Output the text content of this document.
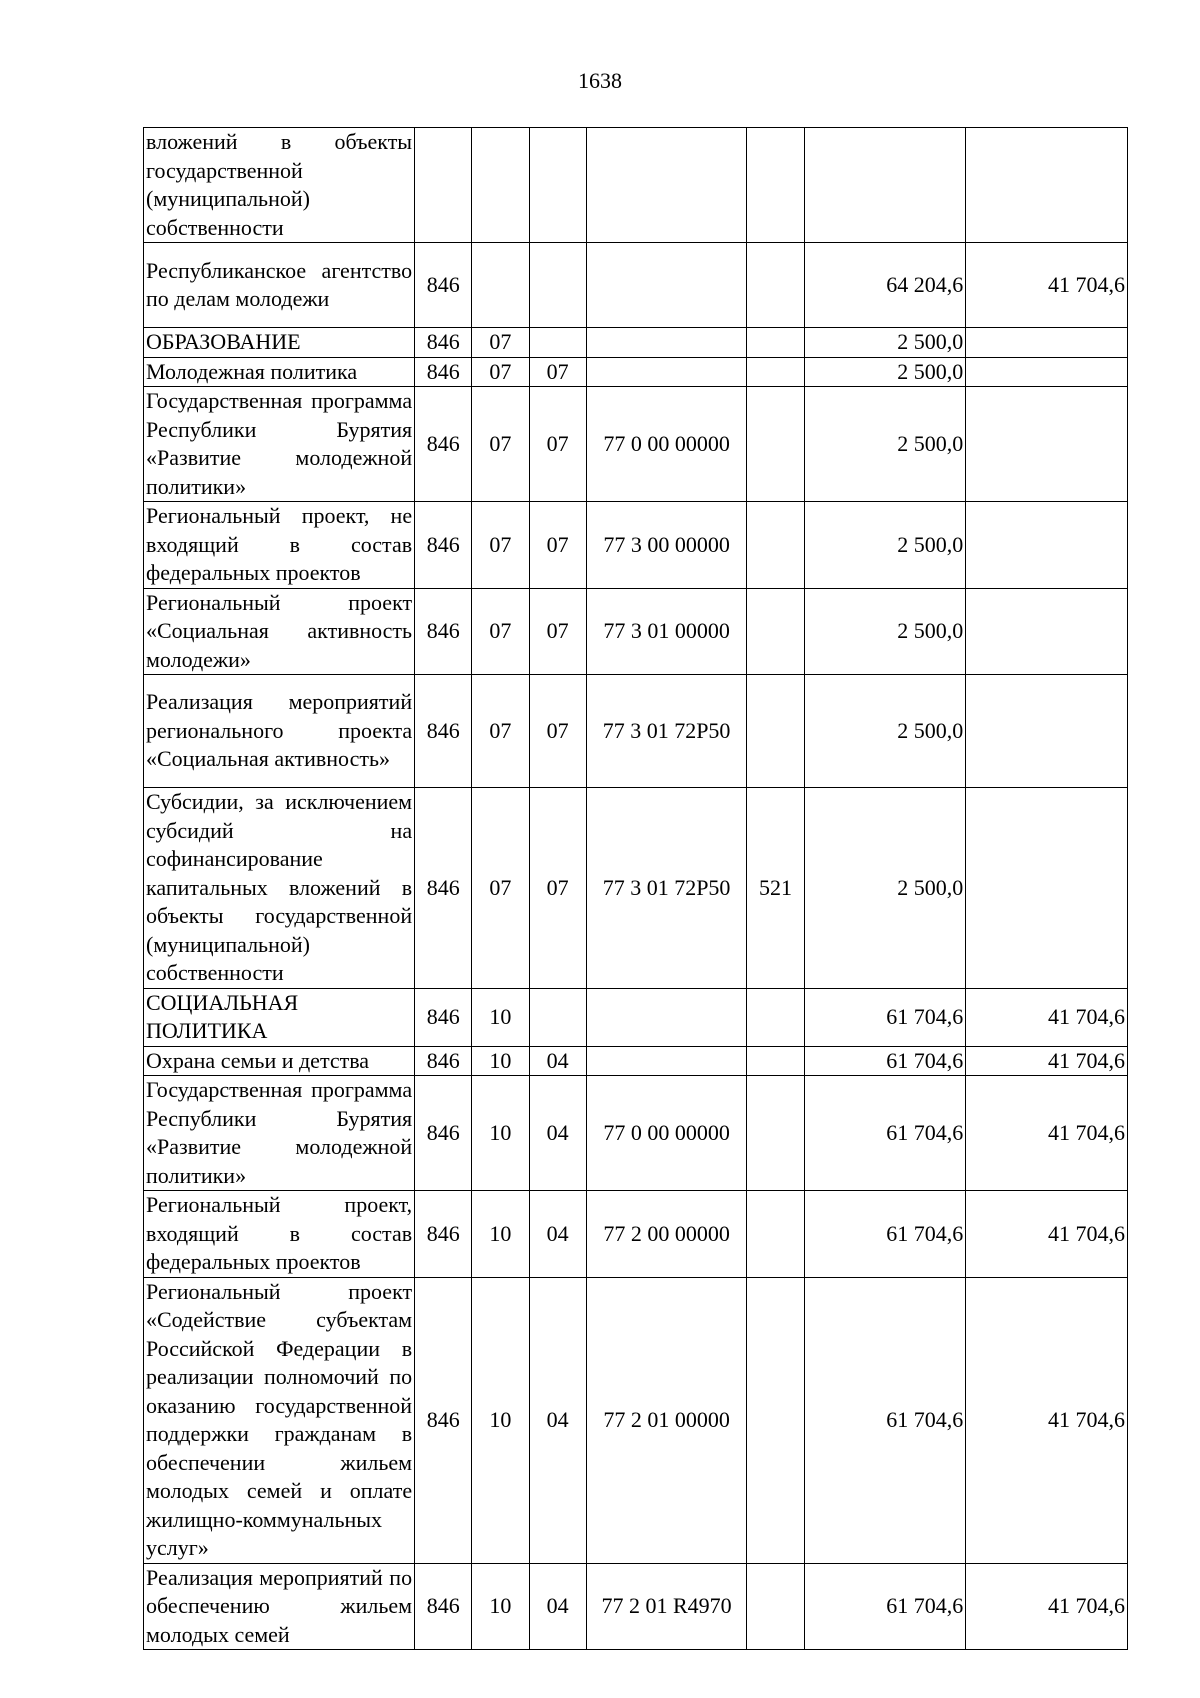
1638
вложений в объекты государственной (муниципальной) собственности							
Республиканское агентство по делам молодежи	846					64 204,6	41 704,6
ОБРАЗОВАНИЕ	846	07				2 500,0	
Молодежная политика	846	07	07			2 500,0	
Государственная программа Республики Бурятия «Развитие молодежной политики»	846	07	07	77 0 00 00000		2 500,0	
Региональный проект, не входящий в состав федеральных проектов	846	07	07	77 3 00 00000		2 500,0	
Региональный проект «Социальная активность молодежи»	846	07	07	77 3 01 00000		2 500,0	
Реализация мероприятий регионального проекта «Социальная активность»	846	07	07	77 3 01 72Р50		2 500,0	
Субсидии, за исключением субсидий на софинансирование капитальных вложений в объекты государственной (муниципальной) собственности	846	07	07	77 3 01 72Р50	521	2 500,0	
СОЦИАЛЬНАЯ ПОЛИТИКА	846	10				61 704,6	41 704,6
Охрана семьи и детства	846	10	04			61 704,6	41 704,6
Государственная программа Республики Бурятия «Развитие молодежной политики»	846	10	04	77 0 00 00000		61 704,6	41 704,6
Региональный проект, входящий в состав федеральных проектов	846	10	04	77 2 00 00000		61 704,6	41 704,6
Региональный проект «Содействие субъектам Российской Федерации в реализации полномочий по оказанию государственной поддержки гражданам в обеспечении жильем молодых семей и оплате жилищно-коммунальных услуг»	846	10	04	77 2 01 00000		61 704,6	41 704,6
Реализация мероприятий по обеспечению жильем молодых семей	846	10	04	77 2 01 R4970		61 704,6	41 704,6
